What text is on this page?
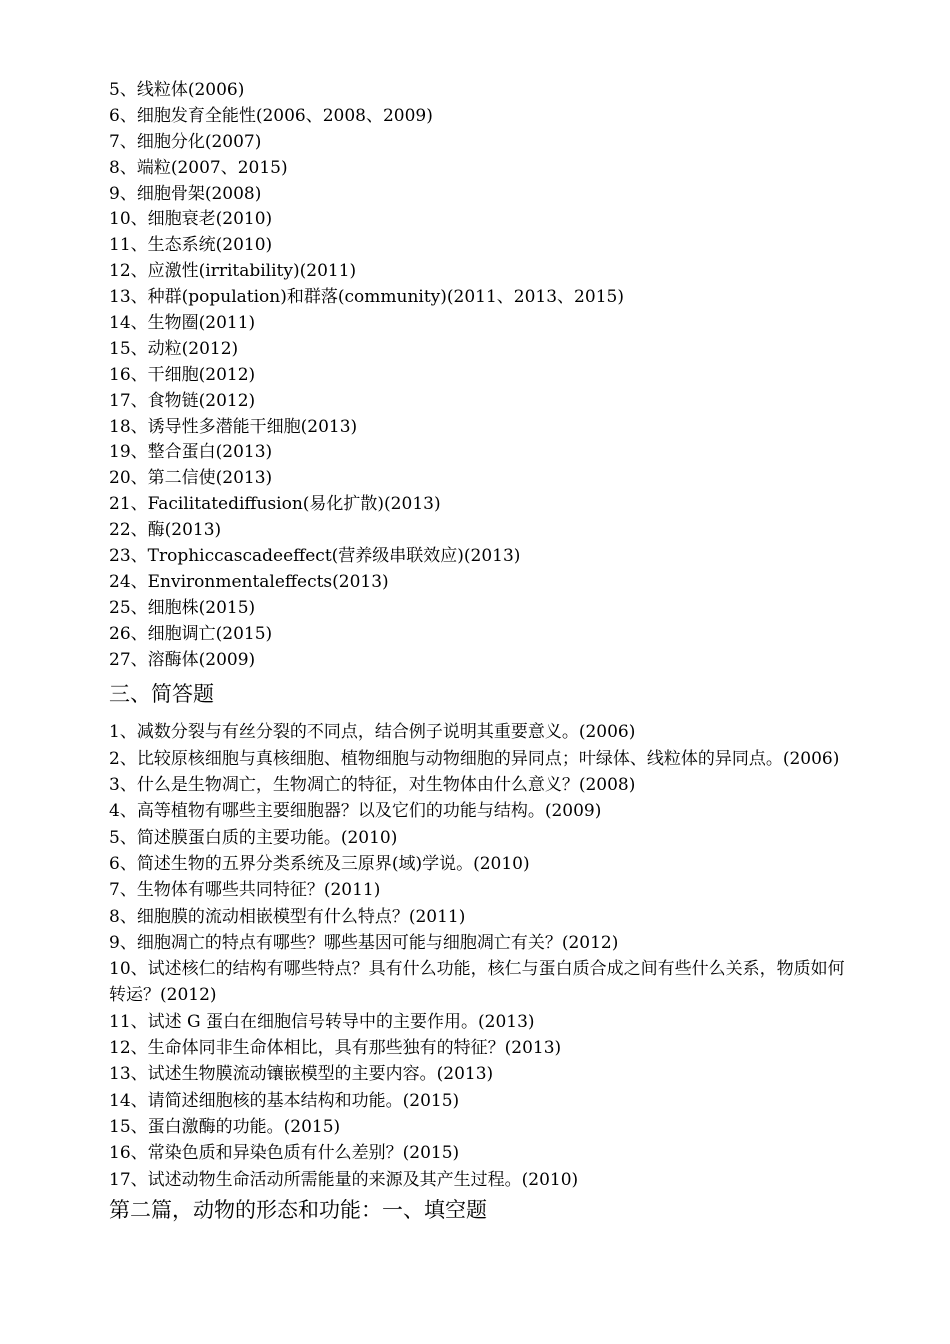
5、线粒体(2006)
6、细胞发育全能性(2006、2008、2009)
7、细胞分化(2007)
8、端粒(2007、2015)
9、细胞骨架(2008)
10、细胞衰老(2010)
11、生态系统(2010)
12、应激性(irritability)(2011)
13、种群(population)和群落(community)(2011、2013、2015)
14、生物圈(2011)
15、动粒(2012)
16、干细胞(2012)
17、食物链(2012)
18、诱导性多潜能干细胞(2013)
19、整合蛋白(2013)
20、第二信使(2013)
21、Facilitatediffusion(易化扩散)(2013)
22、酶(2013)
23、Trophiccascadeeffect(营养级串联效应)(2013)
24、Environmentaleffects(2013)
25、细胞株(2015)
26、细胞调亡(2015)
27、溶酶体(2009)
三、简答题
1、减数分裂与有丝分裂的不同点，结合例子说明其重要意义。(2006)
2、比较原核细胞与真核细胞、植物细胞与动物细胞的异同点；叶绿体、线粒体的异同点。(2006)
3、什么是生物凋亡，生物凋亡的特征，对生物体由什么意义？(2008)
4、高等植物有哪些主要细胞器？以及它们的功能与结构。(2009)
5、简述膜蛋白质的主要功能。(2010)
6、简述生物的五界分类系统及三原界(域)学说。(2010)
7、生物体有哪些共同特征？(2011)
8、细胞膜的流动相嵌模型有什么特点？(2011)
9、细胞凋亡的特点有哪些？哪些基因可能与细胞凋亡有关？(2012)
10、试述核仁的结构有哪些特点？具有什么功能，核仁与蛋白质合成之间有些什么关系，物质如何转运？(2012)
11、试述 G 蛋白在细胞信号转导中的主要作用。(2013)
12、生命体同非生命体相比，具有那些独有的特征？(2013)
13、试述生物膜流动镶嵌模型的主要内容。(2013)
14、请简述细胞核的基本结构和功能。(2015)
15、蛋白激酶的功能。(2015)
16、常染色质和异染色质有什么差别？(2015)
17、试述动物生命活动所需能量的来源及其产生过程。(2010)
第二篇，动物的形态和功能：一、填空题
